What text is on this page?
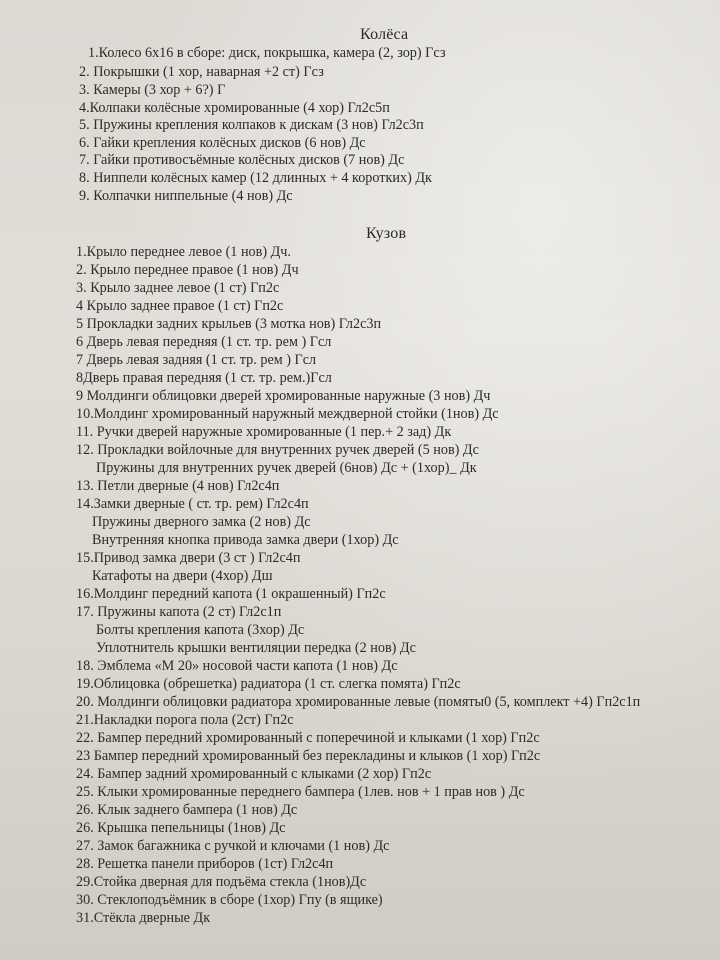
Колёса
1.Колесо 6х16 в сборе: диск, покрышка, камера (2, зор) Гсз
2. Покрышки (1 хор, наварная +2 ст) Гсз
3. Камеры (3 хор + 6?) Г
4.Колпаки колёсные хромированные (4 хор) Гл2с5п
5. Пружины крепления колпаков к дискам (3 нов) Гл2с3п
6. Гайки крепления колёсных дисков (6 нов) Дс
7. Гайки противосъёмные колёсных дисков (7 нов) Дс
8. Ниппели колёсных камер (12 длинных + 4 коротких) Дк
9. Колпачки ниппельные (4 нов) Дс
Кузов
1.Крыло переднее левое (1 нов) Дч.
2. Крыло переднее правое (1 нов) Дч
3. Крыло заднее левое (1 ст) Гп2с
4 Крыло заднее правое (1 ст) Гп2с
5 Прокладки задних крыльев (3 мотка нов) Гл2с3п
6 Дверь левая передняя (1 ст. тр. рем ) Гсл
7 Дверь левая задняя (1 ст. тр. рем ) Гсл
8Дверь правая передняя (1 ст. тр. рем.)Гсл
9 Молдинги облицовки дверей хромированные наружные (3 нов) Дч
10.Молдинг хромированный наружный междверной стойки (1нов) Дс
11. Ручки дверей наружные хромированные (1 пер.+ 2 зад) Дк
12. Прокладки войлочные для внутренних ручек дверей (5 нов) Дс
Пружины для внутренних ручек дверей (6нов) Дс + (1хор)_ Дк
13. Петли дверные (4 нов) Гл2с4п
14.Замки дверные ( ст. тр. рем) Гл2с4п
Пружины дверного замка (2 нов) Дс
Внутренняя кнопка привода замка двери (1хор) Дс
15.Привод замка двери (3 ст ) Гл2с4п
Катафоты на двери (4хор) Дш
16.Молдинг передний капота (1 окрашенный) Гп2с
17. Пружины капота (2 ст) Гл2с1п
Болты крепления капота (3хор) Дс
Уплотнитель крышки вентиляции передка (2 нов) Дс
18. Эмблема «М 20» носовой части капота (1 нов) Дс
19.Облицовка (обрешетка) радиатора (1 ст. слегка помята) Гп2с
20. Молдинги облицовки радиатора хромированные левые (помяты0 (5, комплект +4) Гп2с1п
21.Накладки порога пола (2ст) Гп2с
22. Бампер передний хромированный с поперечиной и клыками (1 хор) Гп2с
23 Бампер передний хромированный без перекладины и клыков (1 хор) Гп2с
24. Бампер задний хромированный с клыками (2 хор) Гп2с
25. Клыки хромированные переднего бампера (1лев. нов + 1 прав нов ) Дс
26. Клык заднего бампера (1 нов) Дс
26. Крышка пепельницы (1нов) Дс
27. Замок багажника с ручкой и ключами (1 нов) Дс
28. Решетка панели приборов (1ст) Гл2с4п
29.Стойка дверная для подъёма стекла (1нов)Дс
30. Стеклоподъёмник в сборе (1хор) Гпу (в ящике)
31.Стёкла дверные Дк
